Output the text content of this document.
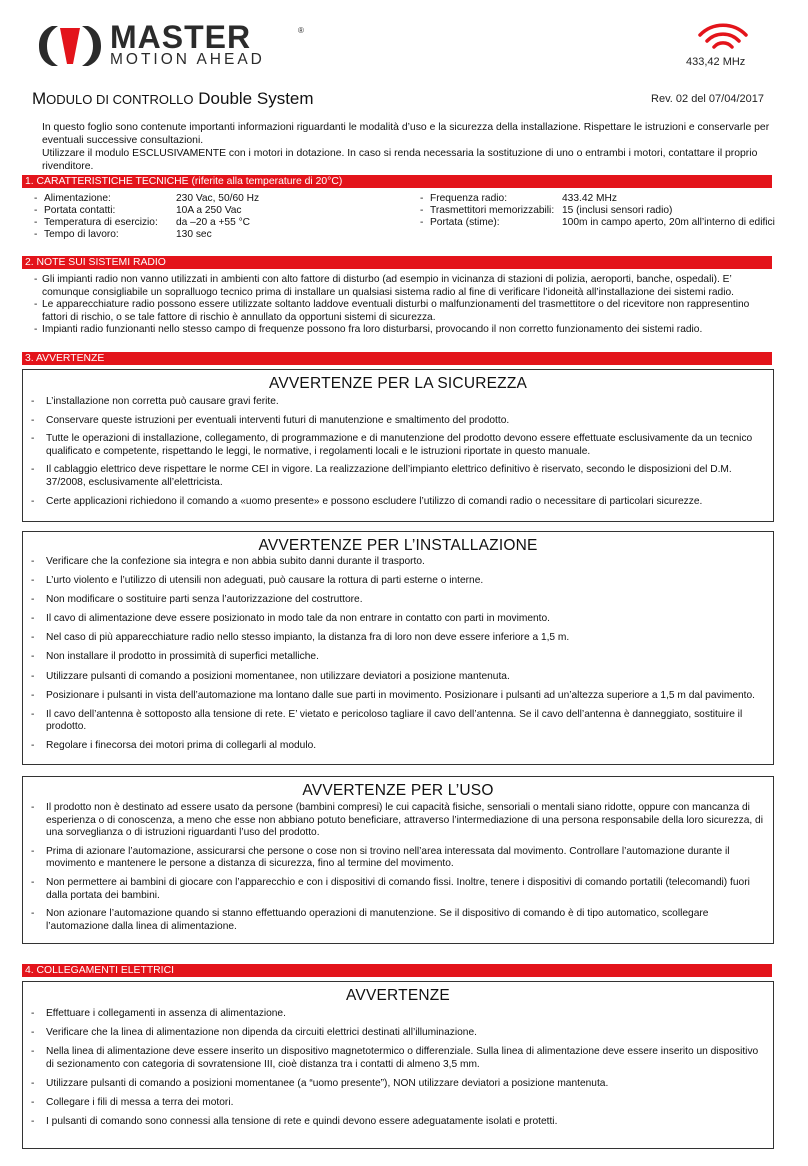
MASTER	®
MOTION AHEAD	433,42 MHz
MODULO DI CONTROLLO Double System	Rev. 02 del 07/04/2017

In questo foglio sono contenute importanti informazioni riguardanti le modalità d’uso e la sicurezza della installazione. Rispettare le istruzioni e conservarle per eventuali successive consultazioni.

Utilizzare il modulo ESCLUSIVAMENTE con i motori in dotazione. In caso si renda necessaria la sostituzione di uno o entrambi i motori, contattare il proprio rivenditore.

1. CARATTERISTICHE TECNICHE (riferite alla temperature di 20°C)
- Alimentazione:	230 Vac, 50/60 Hz
- Portata contatti:	10A a 250 Vac
- Temperatura di esercizio: da –20 a +55 °C
- Tempo di lavoro:	130 sec
- Frequenza radio:	433.42 MHz
- Trasmettitori memorizzabili: 15 (inclusi sensori radio)
- Portata (stime):	100m in campo aperto, 20m all’interno di edifici
2. NOTE SUI SISTEMI RADIO
- Gli impianti radio non vanno utilizzati in ambienti con alto fattore di disturbo (ad esempio in vicinanza di stazioni di polizia, aeroporti, banche, ospedali). E’ comunque consigliabile un sopralluogo tecnico prima di installare un qualsiasi sistema radio al fine di verificare l’idoneità all’installazione dei sistemi radio.
- Le apparecchiature radio possono essere utilizzate soltanto laddove eventuali disturbi o malfunzionamenti del trasmettitore o del ricevitore non rappresentino fattori di rischio, o se tale fattore di rischio è annullato da opportuni sistemi di sicurezza.
- Impianti radio funzionanti nello stesso campo di frequenze possono fra loro disturbarsi, provocando il non corretto funzionamento dei sistemi radio.
3. AVVERTENZE
AVVERTENZE PER LA SICUREZZA
- L’installazione non corretta può causare gravi ferite.
- Conservare queste istruzioni per eventuali interventi futuri di manutenzione e smaltimento del prodotto.
- Tutte le operazioni di installazione, collegamento, di programmazione e di manutenzione del prodotto devono essere effettuate esclusivamente da un tecnico qualificato e competente, rispettando le leggi, le normative, i regolamenti locali e le istruzioni riportate in questo manuale.
- Il cablaggio elettrico deve rispettare le norme CEI in vigore. La realizzazione dell’impianto elettrico definitivo è riservato, secondo le disposizioni del D.M. 37/2008, esclusivamente all’elettricista.
- Certe applicazioni richiedono il comando a «uomo presente» e possono escludere l’utilizzo di comandi radio o necessitare di particolari sicurezze.
AVVERTENZE PER L’INSTALLAZIONE
- Verificare che la confezione sia integra e non abbia subito danni durante il trasporto.
- L’urto violento e l’utilizzo di utensili non adeguati, può causare la rottura di parti esterne o interne.
- Non modificare o sostituire parti senza l’autorizzazione del costruttore.
- Il cavo di alimentazione deve essere posizionato in modo tale da non entrare in contatto con parti in movimento.
- Nel caso di più apparecchiature radio nello stesso impianto, la distanza fra di loro non deve essere inferiore a 1,5 m.
- Non installare il prodotto in prossimità di superfici metalliche.
- Utilizzare pulsanti di comando a posizioni momentanee, non utilizzare deviatori a posizione mantenuta.
- Posizionare i pulsanti in vista dell’automazione ma lontano dalle sue parti in movimento. Posizionare i pulsanti ad un’altezza superiore a 1,5 m dal pavimento.
- Il cavo dell’antenna è sottoposto alla tensione di rete. E’ vietato e pericoloso tagliare il cavo dell’antenna. Se il cavo dell’antenna è danneggiato, sostituire il prodotto.
- Regolare i finecorsa dei motori prima di collegarli al modulo.
AVVERTENZE PER L’USO
- Il prodotto non è destinato ad essere usato da persone (bambini compresi) le cui capacità fisiche, sensoriali o mentali siano ridotte, oppure con mancanza di esperienza o di conoscenza, a meno che esse non abbiano potuto beneficiare, attraverso l’intermediazione di una persona responsabile della loro sicurezza, di una sorveglianza o di istruzioni riguardanti l’uso del prodotto.
- Prima di azionare l’automazione, assicurarsi che persone o cose non si trovino nell’area interessata dal movimento. Controllare l’automazione durante il movimento e mantenere le persone a distanza di sicurezza, fino al termine del movimento.
- Non permettere ai bambini di giocare con l’apparecchio e con i dispositivi di comando fissi. Inoltre, tenere i dispositivi di comando portatili (telecomandi) fuori dalla portata dei bambini.
- Non azionare l’automazione quando si stanno effettuando operazioni di manutenzione. Se il dispositivo di comando è di tipo automatico, scollegare l’automazione dalla linea di alimentazione.
4. COLLEGAMENTI ELETTRICI
AVVERTENZE
- Effettuare i collegamenti in assenza di alimentazione.
- Verificare che la linea di alimentazione non dipenda da circuiti elettrici destinati all’illuminazione.
- Nella linea di alimentazione deve essere inserito un dispositivo magnetotermico o differenziale. Sulla linea di alimentazione deve essere inserito un dispositivo di sezionamento con categoria di sovratensione III, cioè distanza tra i contatti di almeno 3,5 mm.
- Utilizzare pulsanti di comando a posizioni momentanee (a “uomo presente”), NON utilizzare deviatori a posizione mantenuta.
- Collegare i fili di messa a terra dei motori.
- I pulsanti di comando sono connessi alla tensione di rete e quindi devono essere adeguatamente isolati e protetti.
